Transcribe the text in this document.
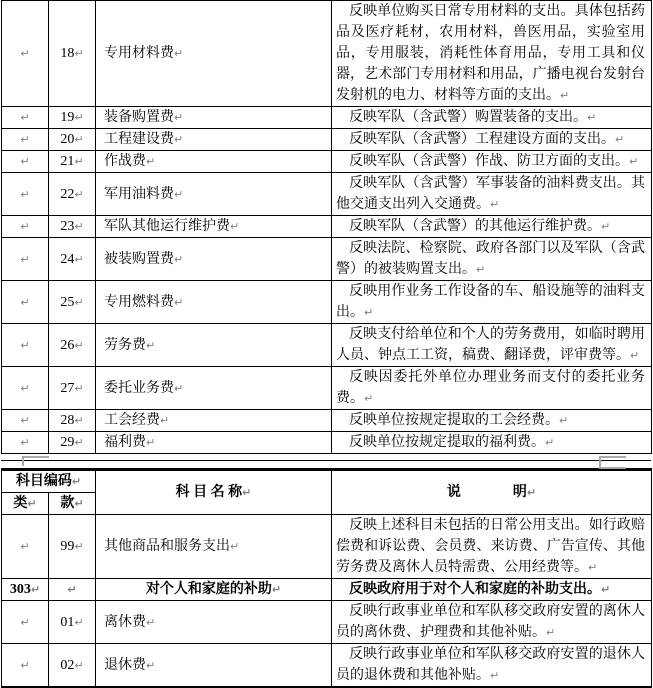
↵	18↵	专用材料费↵	反映单位购买日常专用材料的支出。具体包括药品及医疗耗材，农用材料，兽医用品，实验室用品，专用服装，消耗性体育用品，专用工具和仪器，艺术部门专用材料和用品，广播电视台发射台发射机的电力、材料等方面的支出。↵
↵	19↵	装备购置费↵	反映军队（含武警）购置装备的支出。↵
↵	20↵	工程建设费↵	反映军队（含武警）工程建设方面的支出。↵
↵	21↵	作战费↵	反映军队（含武警）作战、防卫方面的支出。↵
↵	22↵	军用油料费↵	反映军队（含武警）军事装备的油料费支出。其他交通支出列入交通费。↵
↵	23↵	军队其他运行维护费↵	反映军队（含武警）的其他运行维护费。↵
↵	24↵	被装购置费↵	反映法院、检察院、政府各部门以及军队（含武警）的被装购置支出。↵
↵	25↵	专用燃料费↵	反映用作业务工作设备的车、船设施等的油料支出。↵
↵	26↵	劳务费↵	反映支付给单位和个人的劳务费用，如临时聘用人员、钟点工工资，稿费、翻译费，评审费等。↵
↵	27↵	委托业务费↵	反映因委托外单位办理业务而支付的委托业务费。↵
↵	28↵	工会经费↵	反映单位按规定提取的工会经费。↵
↵	29↵	福利费↵	反映单位按规定提取的福利费。↵
科目编码↵		科 目 名 称↵	说 明↵
类↵	款↵		
↵	99↵	其他商品和服务支出↵	反映上述科目未包括的日常公用支出。如行政赔偿费和诉讼费、会员费、来访费、广告宣传、其他劳务费及离休人员特需费、公用经费等。↵
303↵	↵	对个人和家庭的补助↵	反映政府用于对个人和家庭的补助支出。↵
↵	01↵	离休费↵	反映行政事业单位和军队移交政府安置的离休人员的离休费、护理费和其他补贴。↵
↵	02↵	退休费↵	反映行政事业单位和军队移交政府安置的退休人员的退休费和其他补贴。↵
